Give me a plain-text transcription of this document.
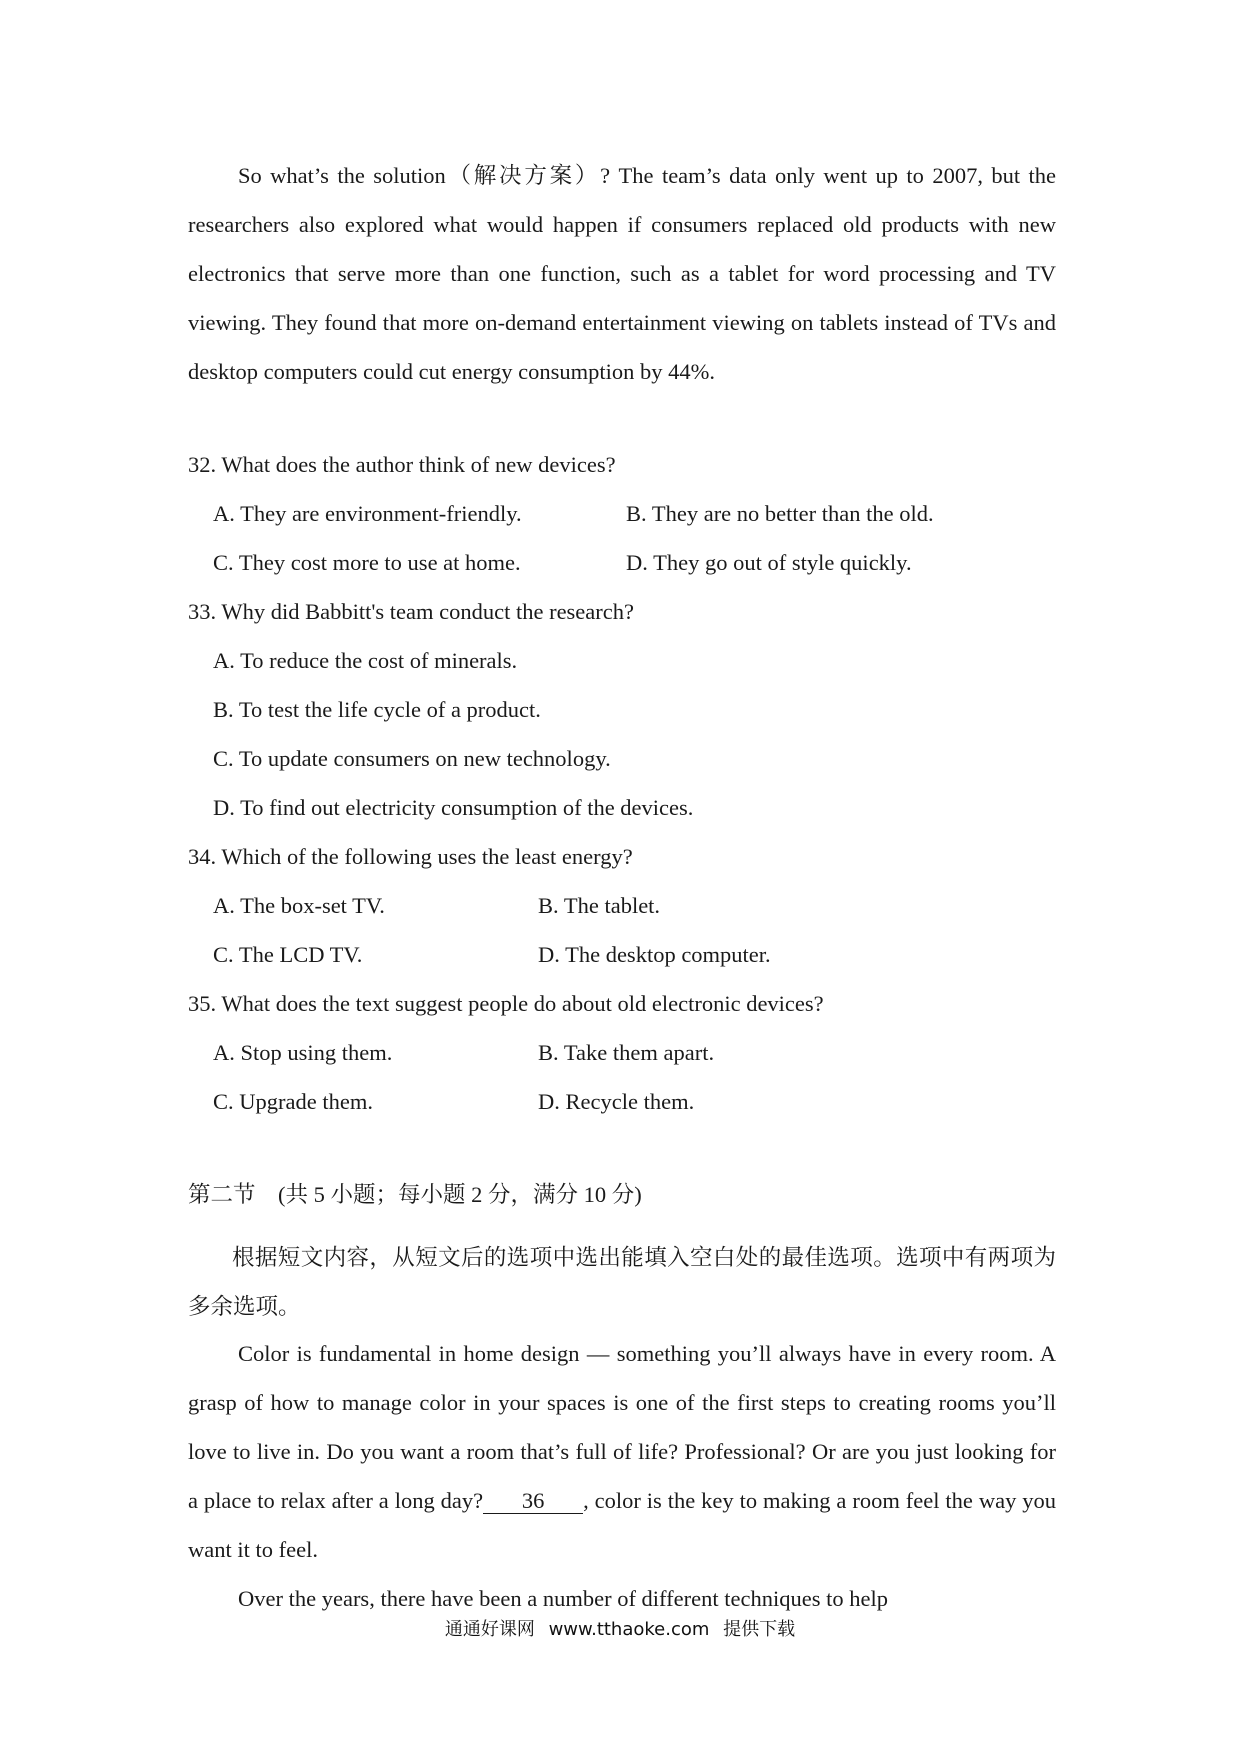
So what’s the solution（解决方案）? The team’s data only went up to 2007, but the researchers also explored what would happen if consumers replaced old products with new electronics that serve more than one function, such as a tablet for word processing and TV viewing. They found that more on-demand entertainment viewing on tablets instead of TVs and desktop computers could cut energy consumption by 44%.
32. What does the author think of new devices?
A. They are environment-friendly.	B. They are no better than the old.
C. They cost more to use at home.	D. They go out of style quickly.
33. Why did Babbitt's team conduct the research?
A. To reduce the cost of minerals.
B. To test the life cycle of a product.
C. To update consumers on new technology.
D. To find out electricity consumption of the devices.
34. Which of the following uses the least energy?
A. The box-set TV.	B. The tablet.
C. The LCD TV.	D. The desktop computer.
35. What does the text suggest people do about old electronic devices?
A. Stop using them.	B. Take them apart.
C. Upgrade them.	D. Recycle them.
第二节　(共 5 小题；每小题 2 分，满分 10 分)
根据短文内容，从短文后的选项中选出能填入空白处的最佳选项。选项中有两项为多余选项。
Color is fundamental in home design — something you’ll always have in every room. A grasp of how to manage color in your spaces is one of the first steps to creating rooms you’ll love to live in. Do you want a room that’s full of life? Professional? Or are you just looking for a place to relax after a long day? 36 , color is the key to making a room feel the way you want it to feel.
Over the years, there have been a number of different techniques to help
通通好课网 www.tthaoke.com 提供下载
